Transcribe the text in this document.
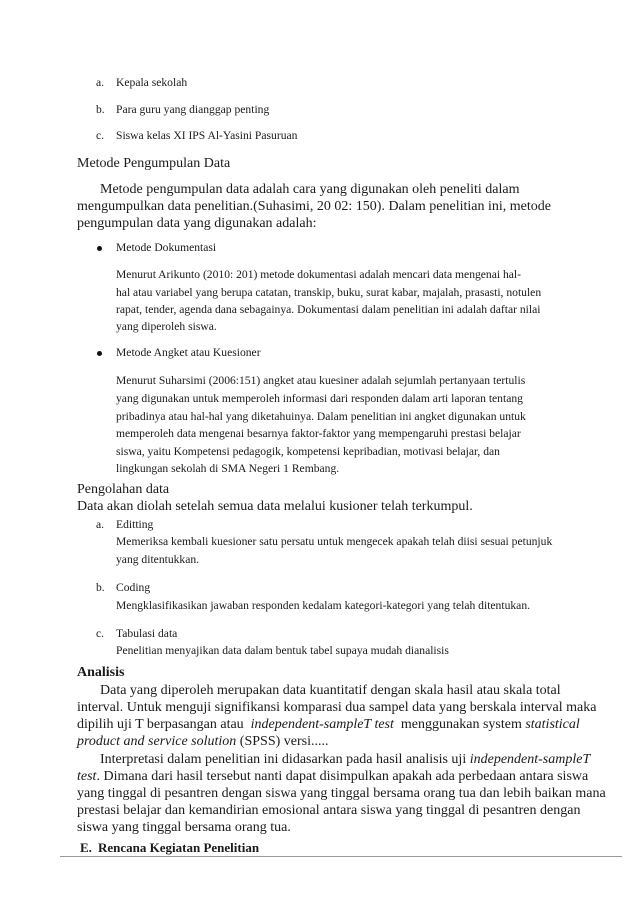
a. Kepala sekolah
b. Para guru yang dianggap penting
c. Siswa kelas XI IPS Al-Yasini Pasuruan
Metode Pengumpulan Data
Metode pengumpulan data adalah cara yang digunakan oleh peneliti dalam
mengumpulkan data penelitian.(Suhasimi, 20 02: 150). Dalam penelitian ini, metode
pengumpulan data yang digunakan adalah:
Metode Dokumentasi
Menurut Arikunto (2010: 201) metode dokumentasi adalah mencari data mengenai hal-
hal atau variabel yang berupa catatan, transkip, buku, surat kabar, majalah, prasasti, notulen
rapat, tender, agenda dana sebagainya. Dokumentasi dalam penelitian ini adalah daftar nilai
yang diperoleh siswa.
Metode Angket atau Kuesioner
Menurut Suharsimi (2006:151) angket atau kuesiner adalah sejumlah pertanyaan tertulis
yang digunakan untuk memperoleh informasi dari responden dalam arti laporan tentang
pribadinya atau hal-hal yang diketahuinya. Dalam penelitian ini angket digunakan untuk
memperoleh data mengenai besarnya faktor-faktor yang mempengaruhi prestasi belajar
siswa, yaitu Kompetensi pedagogik, kompetensi kepribadian, motivasi belajar, dan
lingkungan sekolah di SMA Negeri 1 Rembang.
Pengolahan data
Data akan diolah setelah semua data melalui kusioner telah terkumpul.
a. Editting
Memeriksa kembali kuesioner satu persatu untuk mengecek apakah telah diisi sesuai petunjuk
yang ditentukkan.
b. Coding
Mengklasifikasikan jawaban responden kedalam kategori-kategori yang telah ditentukan.
c. Tabulasi data
Penelitian menyajikan data dalam bentuk tabel supaya mudah dianalisis
Analisis
Data yang diperoleh merupakan data kuantitatif dengan skala hasil atau skala total
interval. Untuk menguji signifikansi komparasi dua sampel data yang berskala interval maka
dipilih uji T berpasangan atau  independent-sampleT test  menggunakan system statistical
product and service solution (SPSS) versi.....
Interpretasi dalam penelitian ini didasarkan pada hasil analisis uji independent-sampleT
test. Dimana dari hasil tersebut nanti dapat disimpulkan apakah ada perbedaan antara siswa
yang tinggal di pesantren dengan siswa yang tinggal bersama orang tua dan lebih baikan mana
prestasi belajar dan kemandirian emosional antara siswa yang tinggal di pesantren dengan
siswa yang tinggal bersama orang tua.
E. Rencana Kegiatan Penelitian
